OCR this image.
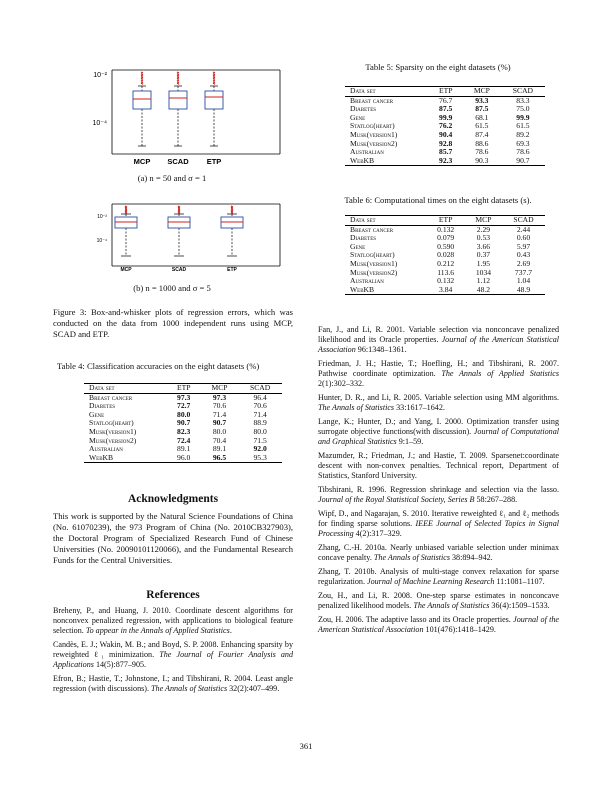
10⁻²
10⁻⁴
MCP SCAD ETP
(a) n = 50 and σ = 1
10⁻²
10⁻⁴
MCP	SCAD	ETP
(b) n = 1000 and σ = 5
Figure 3: Box-and-whisker plots of regression errors, which was conducted on the data from 1000 independent runs using MCP, SCAD and ETP.
Table 4: Classification accuracies on the eight datasets (%)
Data set	ETP	MCP	SCAD
Breast cancer	97.3	97.3	96.4
Diabetes	72.7	70.6	70.6
Gene	80.0	71.4	71.4
Statlog(heart)	90.7	90.7	88.9
Musk(version1)	82.3	80.0	80.0
Musk(version2)	72.4	70.4	71.5
Australian	89.1	89.1	92.0
WebKB	96.0	96.5	95.3
Acknowledgments
This work is supported by the Natural Science Foundations of China (No. 61070239), the 973 Program of China (No. 2010CB327903), the Doctoral Program of Specialized Research Fund of Chinese Universities (No. 20090101120066), and the Fundamental Research Funds for the Central Universities.
References
Breheny, P., and Huang, J. 2010. Coordinate descent algorithms for nonconvex penalized regression, with applications to biological feature selection. To appear in the Annals of Applied Statistics.
Candès, E. J.; Wakin, M. B.; and Boyd, S. P. 2008. Enhancing sparsity by reweighted ℓ₁ minimization. The Journal of Fourier Analysis and Applications 14(5):877–905.
Efron, B.; Hastie, T.; Johnstone, I.; and Tibshirani, R. 2004. Least angle regression (with discussions). The Annals of Statistics 32(2):407–499.
Table 5: Sparsity on the eight datasets (%)
Data set	ETP	MCP	SCAD
Breast cancer	76.7	93.3	83.3
Diabetes	87.5	87.5	75.0
Gene	99.9	68.1	99.9
Statlog(heart)	76.2	61.5	61.5
Musk(version1)	90.4	87.4	89.2
Musk(version2)	92.8	88.6	69.3
Australian	85.7	78.6	78.6
WebKB	92.3	90.3	90.7
Table 6: Computational times on the eight datasets (s).
Data set	ETP	MCP	SCAD
Breast cancer	0.132	2.29	2.44
Diabetes	0.079	0.53	0.60
Gene	0.590	3.66	5.97
Statlog(heart)	0.028	0.37	0.43
Musk(version1)	0.212	1.95	2.69
Musk(version2)	113.6	1034	737.7
Australian	0.132	1.12	1.04
WebKB	3.84	48.2	48.9
Fan, J., and Li, R. 2001. Variable selection via nonconcave penalized likelihood and its Oracle properties. Journal of the American Statistical Association 96:1348–1361.
Friedman, J. H.; Hastie, T.; Hoefling, H.; and Tibshirani, R. 2007. Pathwise coordinate optimization. The Annals of Applied Statistics 2(1):302–332.
Hunter, D. R., and Li, R. 2005. Variable selection using MM algorithms. The Annals of Statistics 33:1617–1642.
Lange, K.; Hunter, D.; and Yang, I. 2000. Optimization transfer using surrogate objective functions(with discussion). Journal of Computational and Graphical Statistics 9:1–59.
Mazumder, R.; Friedman, J.; and Hastie, T. 2009. Sparsenet:coordinate descent with non-convex penalties. Technical report, Department of Statistics, Stanford University.
Tibshirani, R. 1996. Regression shrinkage and selection via the lasso. Journal of the Royal Statistical Society, Series B 58:267–288.
Wipf, D., and Nagarajan, S. 2010. Iterative reweighted ℓ₁ and ℓ₂ methods for finding sparse solutions. IEEE Journal of Selected Topics in Signal Processing 4(2):317–329.
Zhang, C.-H. 2010a. Nearly unbiased variable selection under minimax concave penalty. The Annals of Statistics 38:894–942.
Zhang, T. 2010b. Analysis of multi-stage convex relaxation for sparse regularization. Journal of Machine Learning Research 11:1081–1107.
Zou, H., and Li, R. 2008. One-step sparse estimates in nonconcave penalized likelihood models. The Annals of Statistics 36(4):1509–1533.
Zou, H. 2006. The adaptive lasso and its Oracle properties. Journal of the American Statistical Association 101(476):1418–1429.
361
